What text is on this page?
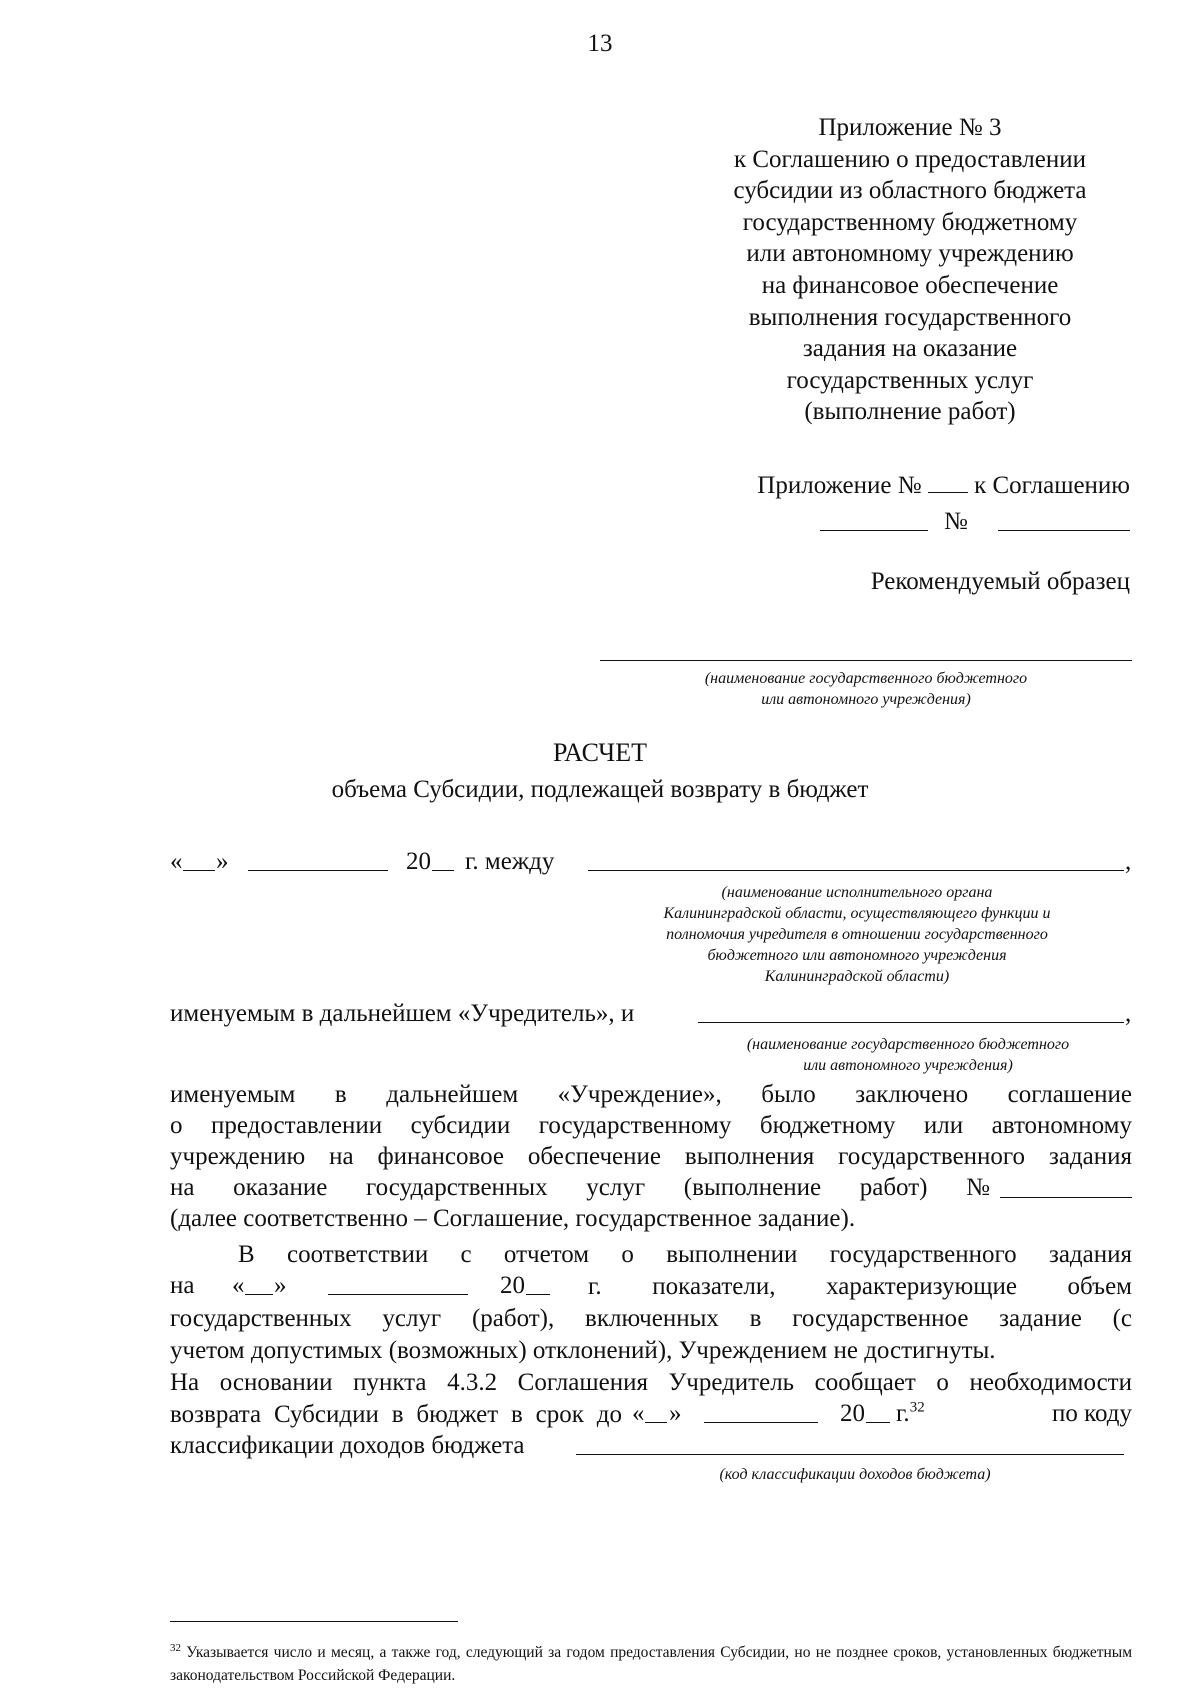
13
Приложение № 3
к Соглашению о предоставлении
субсидии из областного бюджета
государственному бюджетному
или автономному учреждению
на финансовое обеспечение
выполнения государственного
задания на оказание
государственных услуг
(выполнение работ)
Приложение № к Соглашению
№
Рекомендуемый образец
(наименование государственного бюджетного
или автономного учреждения)
РАСЧЕТ
объема Субсидии, подлежащей возврату в бюджет
« »	20 г. между	,
(наименование исполнительного органа
Калининградской области, осуществляющего функции и
полномочия учредителя в отношении государственного
бюджетного или автономного учреждения
Калининградской области)
именуемым в дальнейшем «Учредитель», и	,
(наименование государственного бюджетного
или автономного учреждения)
именуемым в дальнейшем «Учреждение», было заключено соглашение
о предоставлении субсидии государственному бюджетному или автономному
учреждению на финансовое обеспечение выполнения государственного задания
на оказание государственных услуг (выполнение работ) №
(далее соответственно – Соглашение, государственное задание).
В соответствии с отчетом о выполнении государственного задания
на « »	20	г. показатели, характеризующие объем
государственных услуг (работ), включенных в государственное задание (с
учетом допустимых (возможных) отклонений), Учреждением не достигнуты.
На основании пункта 4.3.2 Соглашения Учредитель сообщает о необходимости
возврата Субсидии в бюджет в срок до « »	20 г.$^{32}$	по коду
классификации доходов бюджета
(код классификации доходов бюджета)
$^{32}$ Указывается число и месяц, а также год, следующий за годом предоставления Субсидии, но не позднее сроков, установленных бюджетным законодательством Российской Федерации.
